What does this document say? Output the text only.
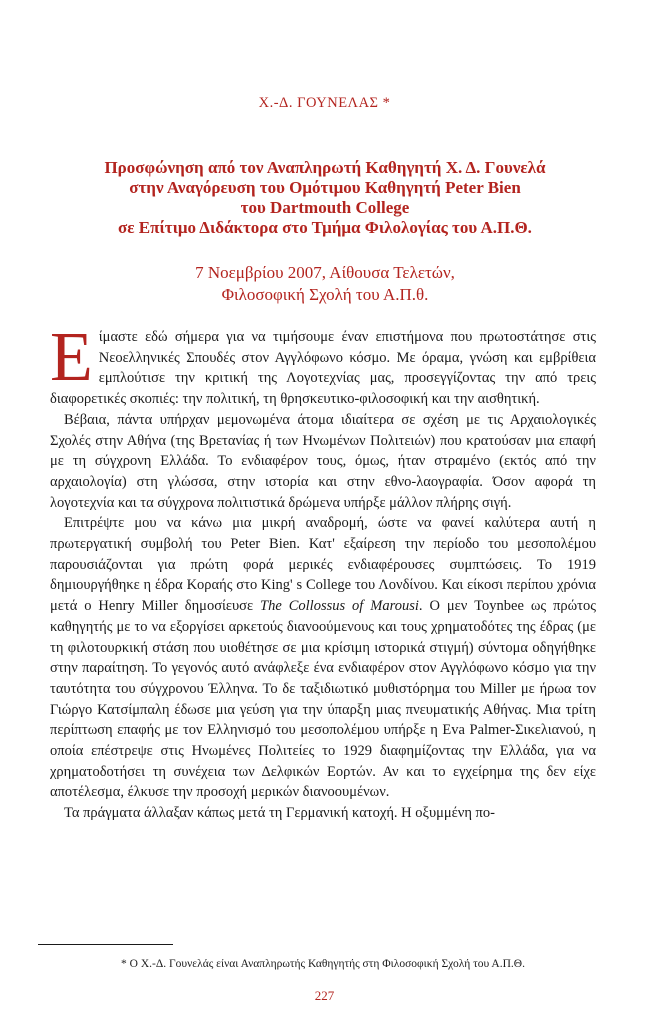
Χ.-Δ. ΓΟΥΝΕΛΑΣ *
Προσφώνηση από τον Αναπληρωτή Καθηγητή Χ. Δ. Γουνελά
στην Αναγόρευση του Ομότιμου Καθηγητή Peter Bien
του Dartmouth College
σε Επίτιμο Διδάκτορα στο Τμήμα Φιλολογίας του Α.Π.Θ.
7 Νοεμβρίου 2007, Αίθουσα Τελετών,
Φιλοσοφική Σχολή του Α.Π.θ.

Είμαστε εδώ σήμερα για να τιμήσουμε έναν επιστήμονα που πρωτοστάτησε στις Νεοελληνικές Σπουδές στον Αγγλόφωνο κόσμο. Με όραμα, γνώση και εμβρίθεια εμπλούτισε την κριτική της Λογοτεχνίας μας, προσεγγίζοντας την από τρεις διαφορετικές σκοπιές: την πολιτική, τη θρησκευτικο-φιλοσοφική και την αισθητική.

Βέβαια, πάντα υπήρχαν μεμονωμένα άτομα ιδιαίτερα σε σχέση με τις Αρχαιολογικές Σχολές στην Αθήνα (της Βρετανίας ή των Ηνωμένων Πολιτειών) που κρατούσαν μια επαφή με τη σύγχρονη Ελλάδα. Το ενδιαφέρον τους, όμως, ήταν στραμένο (εκτός από την αρχαιολογία) στη γλώσσα, στην ιστορία και στην εθνο-λαογραφία. Όσον αφορά τη λογοτεχνία και τα σύγχρονα πολιτιστικά δρώμενα υπήρξε μάλλον πλήρης σιγή.

Επιτρέψτε μου να κάνω μια μικρή αναδρομή, ώστε να φανεί καλύτερα αυτή η πρωτεργατική συμβολή του Peter Bien. Κατ' εξαίρεση την περίοδο του μεσοπολέμου παρουσιάζονται για πρώτη φορά μερικές ενδιαφέρουσες συμπτώσεις. Το 1919 δημιουργήθηκε η έδρα Κοραής στο King' s College του Λονδίνου. Και είκοσι περίπου χρόνια μετά ο Henry Miller δημοσίευσε The Collossus of Marousi. Ο μεν Toynbee ως πρώτος καθηγητής με το να εξοργίσει αρκετούς διανοούμενους και τους χρηματοδότες της έδρας (με τη φιλοτουρκική στάση που υιοθέτησε σε μια κρίσιμη ιστορικά στιγμή) σύντομα οδηγήθηκε στην παραίτηση. Το γεγονός αυτό ανάφλεξε ένα ενδιαφέρον στον Αγγλόφωνο κόσμο για την ταυτότητα του σύγχρονου Έλληνα. Το δε ταξιδιωτικό μυθιστόρημα του Miller με ήρωα τον Γιώργο Κατσίμπαλη έδωσε μια γεύση για την ύπαρξη μιας πνευματικής Αθήνας. Μια τρίτη περίπτωση επαφής με τον Ελληνισμό του μεσοπολέμου υπήρξε η Eva Palmer-Σικελιανού, η οποία επέστρεψε στις Ηνωμένες Πολιτείες το 1929 διαφημίζοντας την Ελλάδα, για να χρηματοδοτήσει τη συνέχεια των Δελφικών Εορτών. Αν και το εγχείρημα της δεν είχε αποτέλεσμα, έλκυσε την προσοχή μερικών διανοουμένων.

Τα πράγματα άλλαξαν κάπως μετά τη Γερμανική κατοχή. Η οξυμμένη πο-

* Ο Χ.-Δ. Γουνελάς είναι Αναπληρωτής Καθηγητής στη Φιλοσοφική Σχολή του Α.Π.Θ.
227
